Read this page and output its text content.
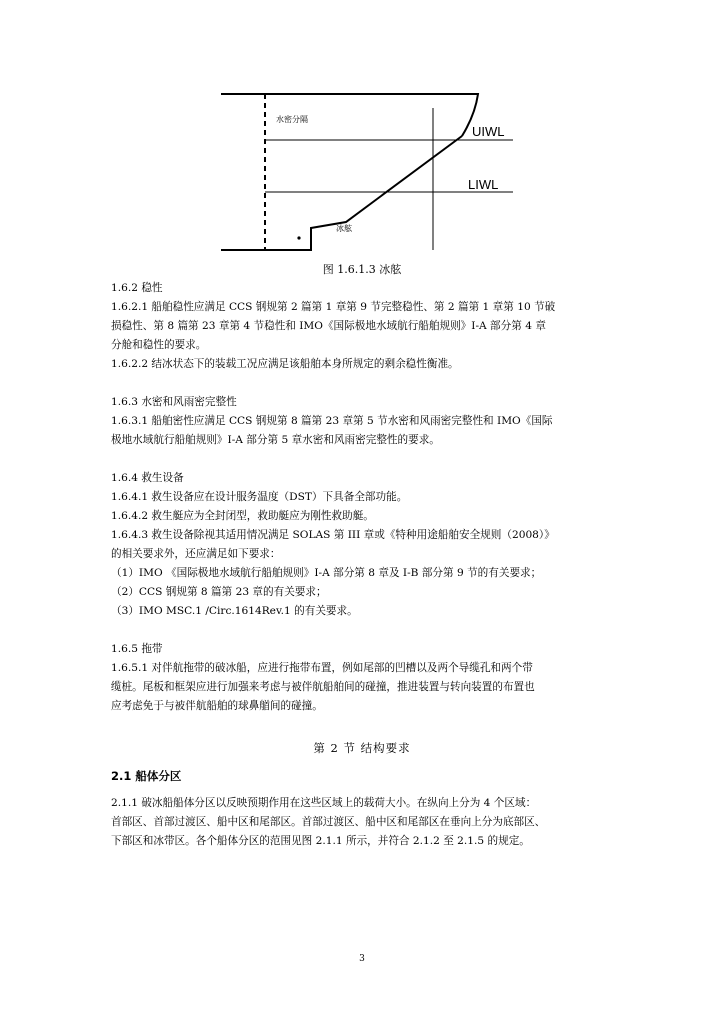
水密分隔
UIWL
LIWL
冰舷
图 1.6.1.3 冰舷
1.6.2 稳性
1.6.2.1 船舶稳性应满足 CCS 钢规第 2 篇第 1 章第 9 节完整稳性、第 2 篇第 1 章第 10 节破
损稳性、第 8 篇第 23 章第 4 节稳性和 IMO《国际极地水域航行船舶规则》I-A 部分第 4 章
分舱和稳性的要求。
1.6.2.2 结冰状态下的装载工况应满足该船舶本身所规定的剩余稳性衡准。
1.6.3 水密和风雨密完整性
1.6.3.1 船舶密性应满足 CCS 钢规第 8 篇第 23 章第 5 节水密和风雨密完整性和 IMO《国际
极地水域航行船舶规则》I-A 部分第 5 章水密和风雨密完整性的要求。
1.6.4 救生设备
1.6.4.1 救生设备应在设计服务温度（DST）下具备全部功能。
1.6.4.2 救生艇应为全封闭型，救助艇应为刚性救助艇。
1.6.4.3 救生设备除视其适用情况满足 SOLAS 第 III 章或《特种用途船舶安全规则（2008）》
的相关要求外，还应满足如下要求：
（1）IMO 《国际极地水域航行船舶规则》I-A 部分第 8 章及 I-B 部分第 9 节的有关要求；
（2）CCS 钢规第 8 篇第 23 章的有关要求；
（3）IMO MSC.1 /Circ.1614Rev.1 的有关要求。
1.6.5 拖带
1.6.5.1 对伴航拖带的破冰船，应进行拖带布置，例如尾部的凹槽以及两个导缆孔和两个带
缆桩。尾板和框架应进行加强来考虑与被伴航船舶间的碰撞，推进装置与转向装置的布置也
应考虑免于与被伴航船舶的球鼻艏间的碰撞。
第 2 节 结构要求
2.1 船体分区
2.1.1 破冰船船体分区以反映预期作用在这些区域上的载荷大小。在纵向上分为 4 个区域：
首部区、首部过渡区、船中区和尾部区。首部过渡区、船中区和尾部区在垂向上分为底部区、
下部区和冰带区。各个船体分区的范围见图 2.1.1 所示，并符合 2.1.2 至 2.1.5 的规定。
3
